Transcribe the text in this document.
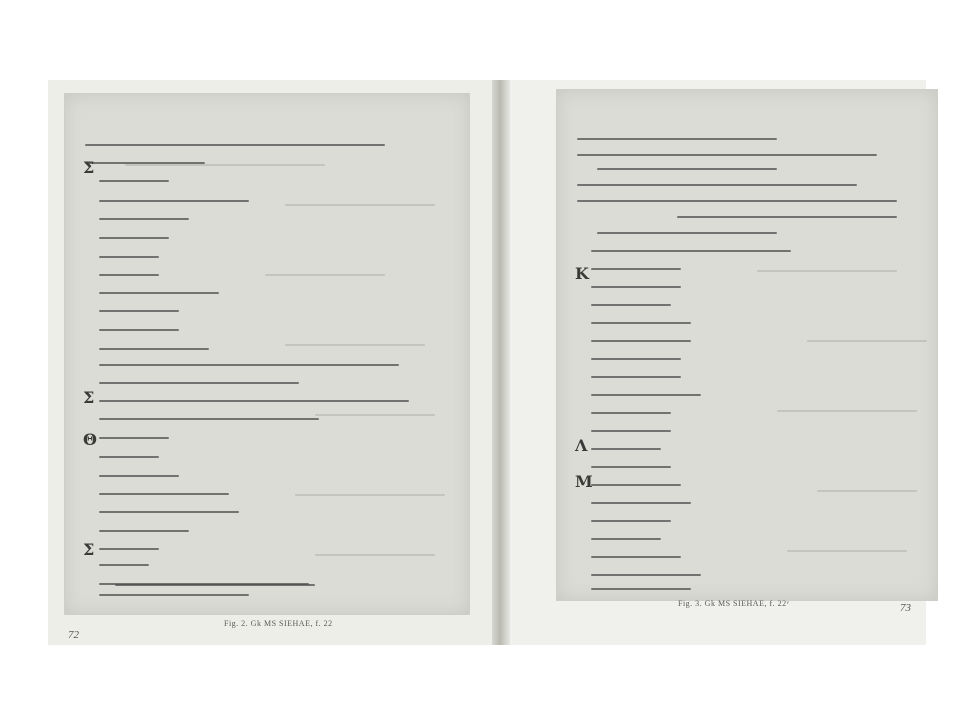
Σ
Σ
Θ
Σ
Κ
Λ
Μ
Fig. 2. Gk MS SIEHAE, f. 22
72
Fig. 3. Gk MS SIEHAE, f. 22ᵛ	73
